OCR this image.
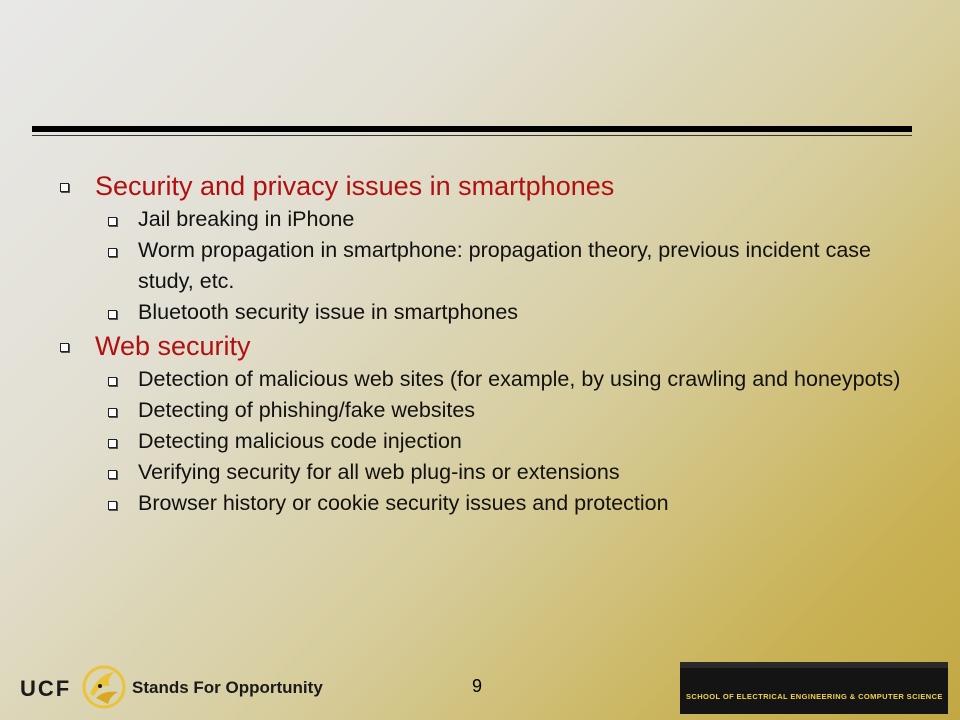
Security and privacy issues in smartphones
Jail breaking in iPhone
Worm propagation in smartphone: propagation theory, previous incident case study, etc.
Bluetooth security issue in smartphones
Web security
Detection of malicious web sites (for example, by using crawling and honeypots)
Detecting of phishing/fake websites
Detecting malicious code injection
Verifying security for all web plug-ins or extensions
Browser history or cookie security issues and protection
UCF	Stands For Opportunity	9
SCHOOL OF ELECTRICAL ENGINEERING & COMPUTER SCIENCE
